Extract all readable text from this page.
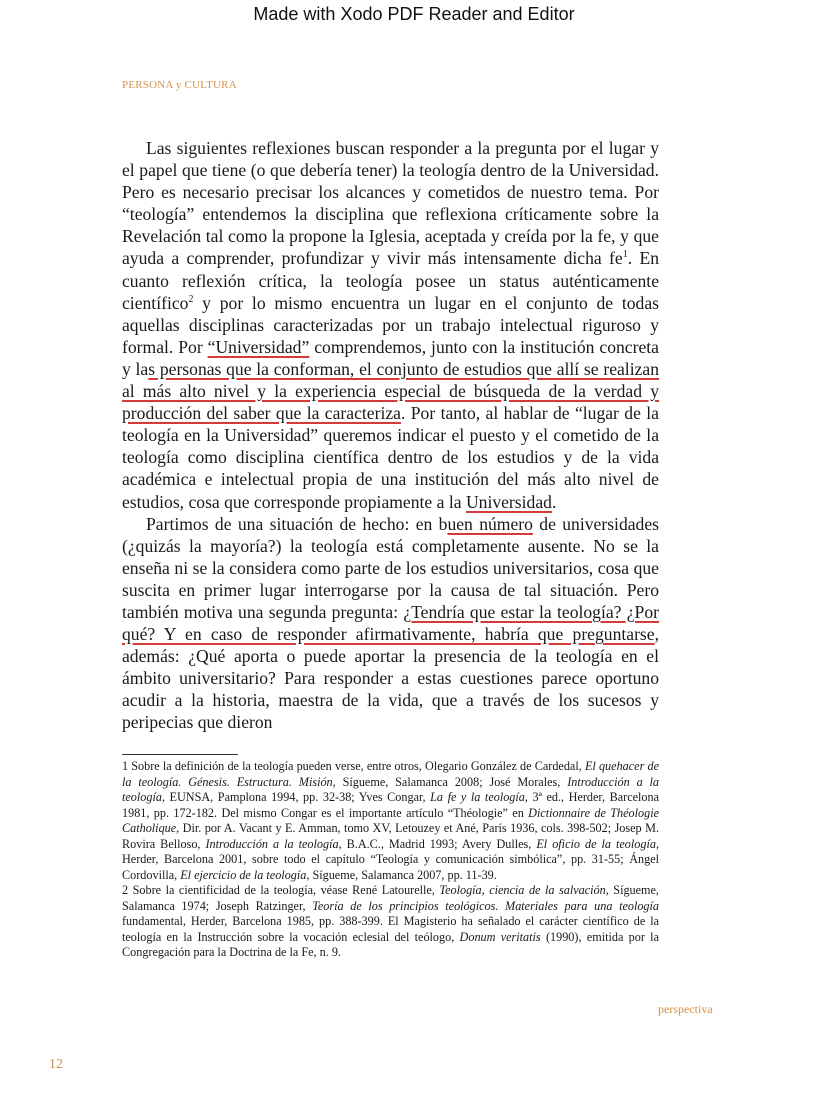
Made with Xodo PDF Reader and Editor
PERSONA y CULTURA

Las siguientes reflexiones buscan responder a la pregunta por el lugar y el papel que tiene (o que debería tener) la teología dentro de la Universidad. Pero es necesario precisar los alcances y cometidos de nuestro tema. Por “teología” entendemos la disciplina que reflexiona críticamente sobre la Revelación tal como la propone la Iglesia, aceptada y creída por la fe, y que ayuda a comprender, profundizar y vivir más intensamente dicha $fe^1$. En cuanto reflexión crítica, la teología posee un status auténticamente científico$^2$ y por lo mismo encuentra un lugar en el conjunto de todas aquellas disciplinas caracterizadas por un trabajo intelectual riguroso y formal. Por “Universidad” comprendemos, junto con la institución concreta y las personas que la conforman, el conjunto de estudios que allí se realizan al más alto nivel y la experiencia especial de búsqueda de la verdad y producción del saber que la caracteriza. Por tanto, al hablar de “lugar de la teología en la Universidad” queremos indicar el puesto y el cometido de la teología como disciplina científica dentro de los estudios y de la vida académica e intelectual propia de una institución del más alto nivel de estudios, cosa que corresponde propiamente a la Universidad.

Partimos de una situación de hecho: en buen número de universidades (¿quizás la mayoría?) la teología está completamente ausente. No se la enseña ni se la considera como parte de los estudios universitarios, cosa que suscita en primer lugar interrogarse por la causa de tal situación. Pero también motiva una segunda pregunta: ¿Tendría que estar la teología? ¿Por qué? Y en caso de responder afirmativamente, habría que preguntarse, además: ¿Qué aporta o puede aportar la presencia de la teología en el ámbito universitario? Para responder a estas cuestiones parece oportuno acudir a la historia, maestra de la vida, que a través de los sucesos y peripecias que dieron

1 Sobre la definición de la teología pueden verse, entre otros, Olegario González de Cardedal, El quehacer de la teología. Génesis. Estructura. Misión, Sígueme, Salamanca 2008; José Morales, Introducción a la teología, EUNSA, Pamplona 1994, pp. 32-38; Yves Congar, La fe y la teología, 3ª ed., Herder, Barcelona 1981, pp. 172-182. Del mismo Congar es el importante artículo “Théologie” en Dictionnaire de Théologie Catholique, Dir. por A. Vacant y E. Amman, tomo XV, Letouzey et Ané, París 1936, cols. 398-502; Josep M. Rovira Belloso, Introducción a la teología, B.A.C., Madrid 1993; Avery Dulles, El oficio de la teología, Herder, Barcelona 2001, sobre todo el capítulo “Teología y comunicación simbólica”, pp. 31-55; Ángel Cordovilla, El ejercicio de la teología, Sígueme, Salamanca 2007, pp. 11-39.

2 Sobre la cientificidad de la teología, véase René Latourelle, Teología, ciencia de la salvación, Sígueme, Salamanca 1974; Joseph Ratzinger, Teoría de los principios teológicos. Materiales para una teología fundamental, Herder, Barcelona 1985, pp. 388-399. El Magisterio ha señalado el carácter científico de la teología en la Instrucción sobre la vocación eclesial del teólogo, Donum veritatis (1990), emitida por la Congregación para la Doctrina de la Fe, n. 9.

perspectiva
12
